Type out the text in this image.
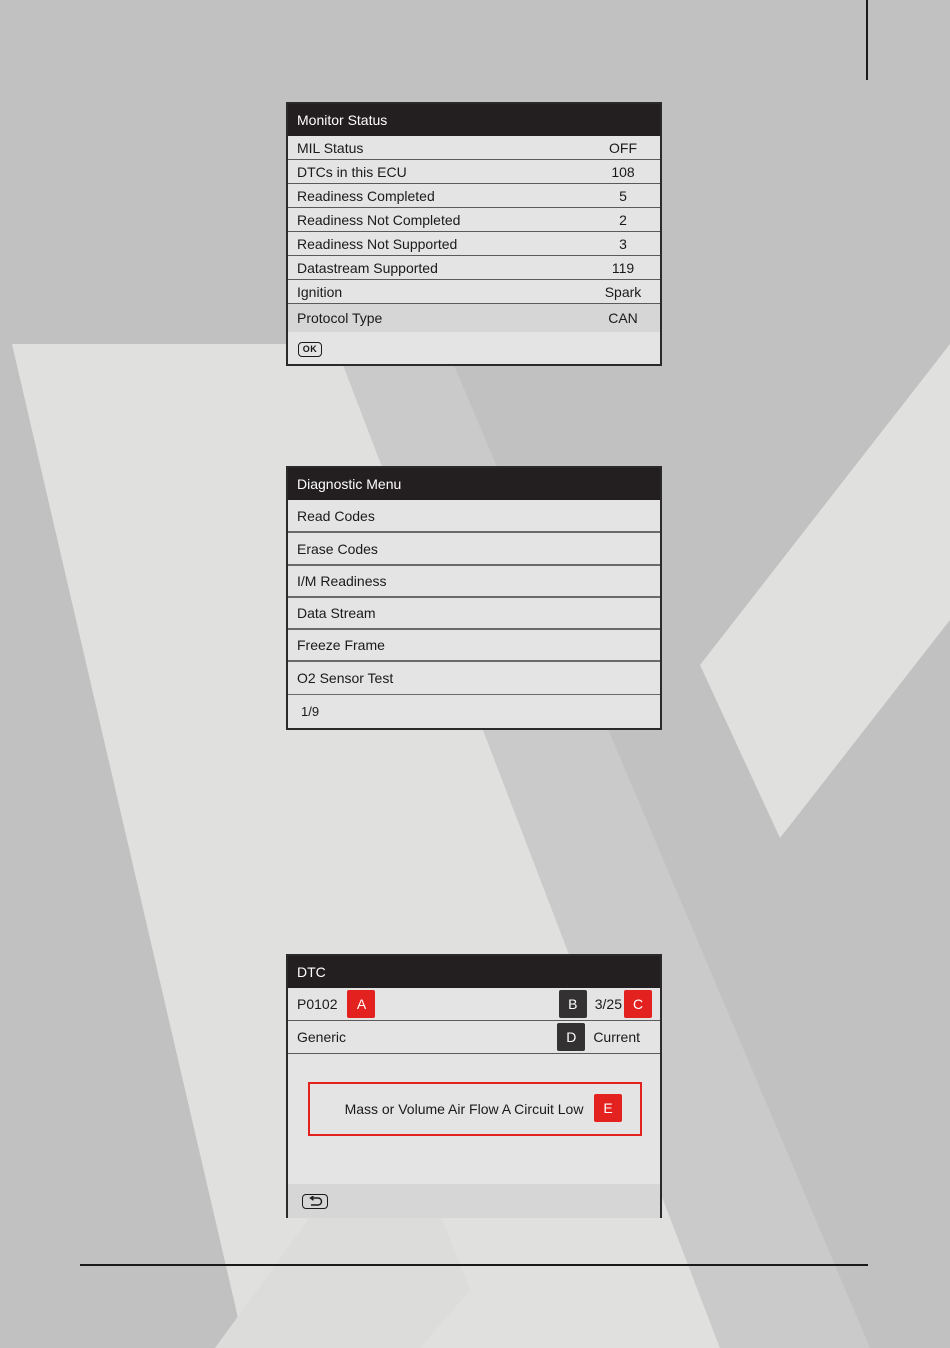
Monitor Status
MIL Status	OFF
DTCs in this ECU	108
Readiness Completed	5
Readiness Not Completed	2
Readiness Not Supported	3
Datastream Supported	119
Ignition	Spark
Protocol Type	CAN
OK
Diagnostic Menu
Read Codes
Erase Codes
I/M Readiness
Data Stream
Freeze Frame
O2 Sensor Test
1/9
DTC
P0102	A	B	3/25 C
Generic	D	Current
Mass or Volume Air Flow A Circuit Low	E
